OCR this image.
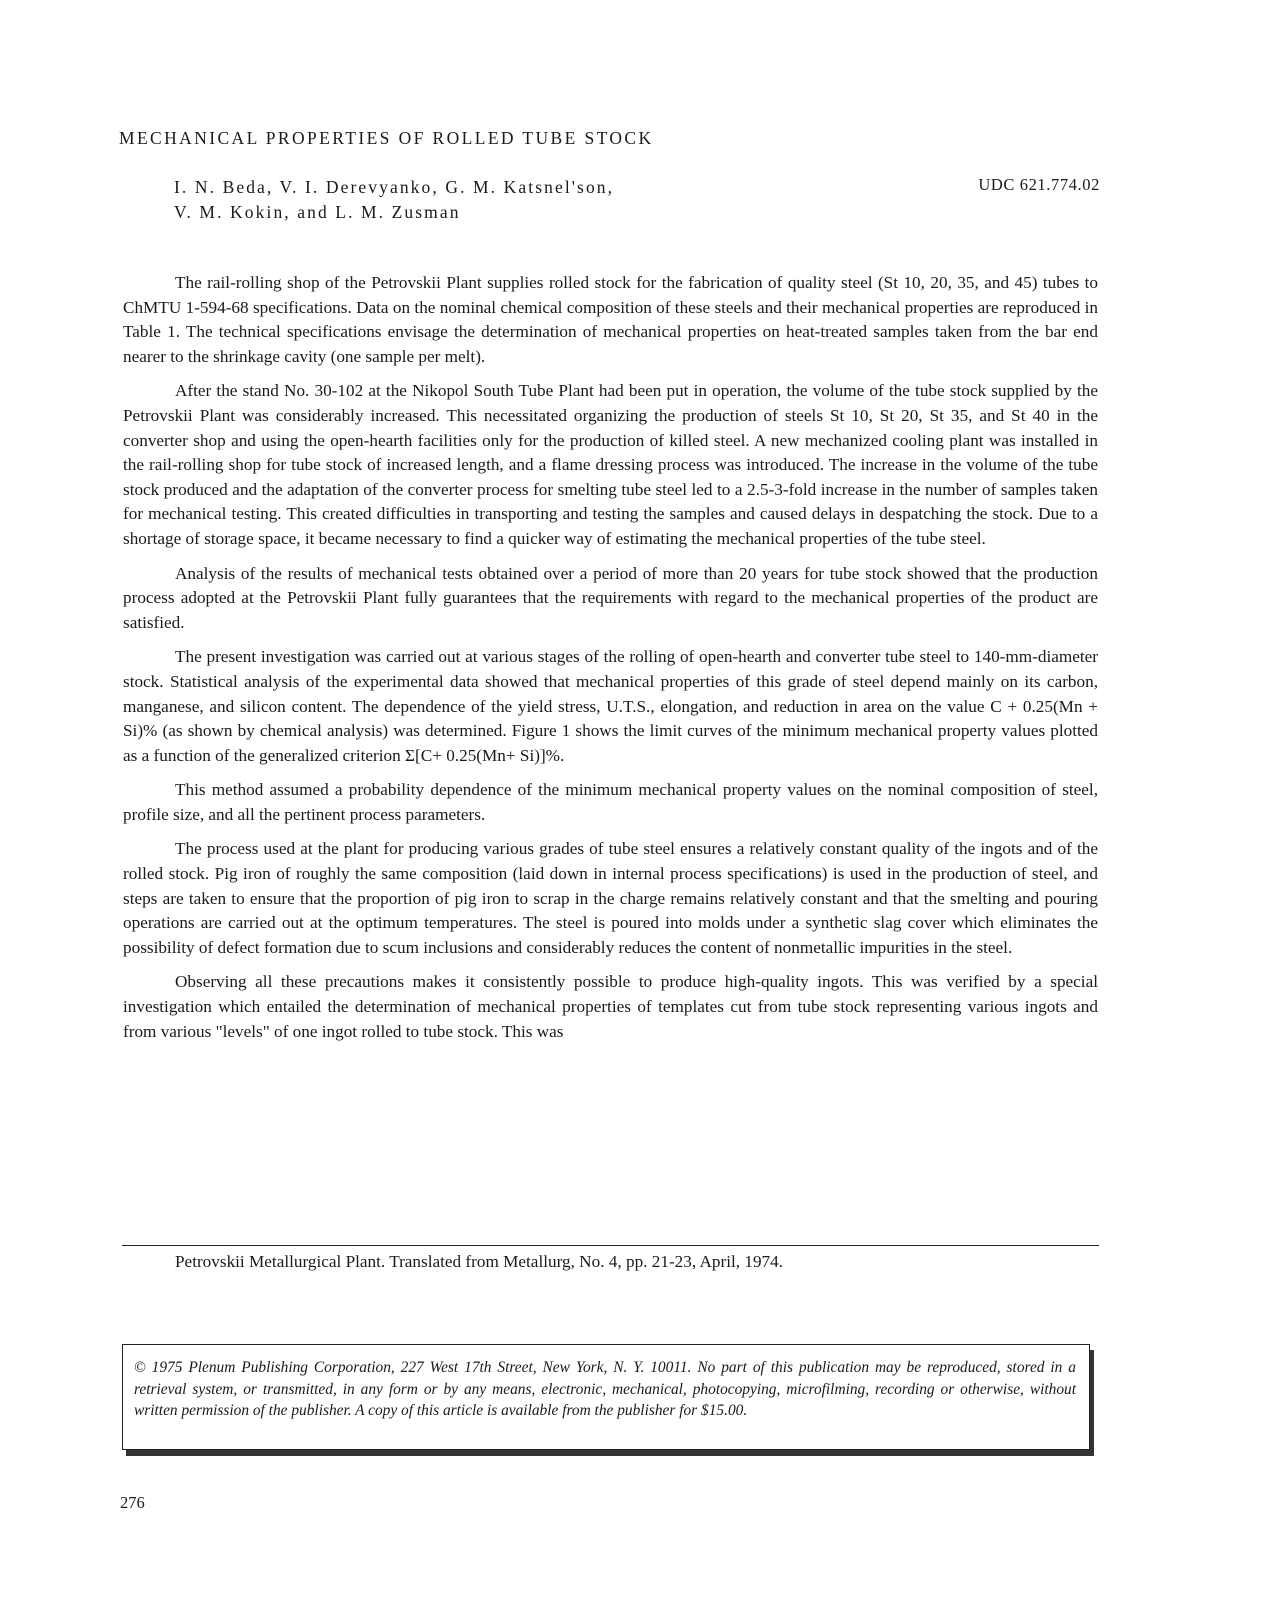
MECHANICAL PROPERTIES OF ROLLED TUBE STOCK
I. N. Beda, V. I. Derevyanko, G. M. Katsnel'son,
V. M. Kokin, and L. M. Zusman
UDC 621.774.02

The rail-rolling shop of the Petrovskii Plant supplies rolled stock for the fabrication of quality steel (St 10, 20, 35, and 45) tubes to ChMTU 1-594-68 specifications. Data on the nominal chemical composition of these steels and their mechanical properties are reproduced in Table 1. The technical specifications envisage the determination of mechanical properties on heat-treated samples taken from the bar end nearer to the shrinkage cavity (one sample per melt).

After the stand No. 30-102 at the Nikopol South Tube Plant had been put in operation, the volume of the tube stock supplied by the Petrovskii Plant was considerably increased. This necessitated organizing the production of steels St 10, St 20, St 35, and St 40 in the converter shop and using the open-hearth facilities only for the production of killed steel. A new mechanized cooling plant was installed in the rail-rolling shop for tube stock of increased length, and a flame dressing process was introduced. The increase in the volume of the tube stock produced and the adaptation of the converter process for smelting tube steel led to a 2.5-3-fold increase in the number of samples taken for mechanical testing. This created difficulties in transporting and testing the samples and caused delays in despatching the stock. Due to a shortage of storage space, it became necessary to find a quicker way of estimating the mechanical properties of the tube steel.

Analysis of the results of mechanical tests obtained over a period of more than 20 years for tube stock showed that the production process adopted at the Petrovskii Plant fully guarantees that the requirements with regard to the mechanical properties of the product are satisfied.

The present investigation was carried out at various stages of the rolling of open-hearth and converter tube steel to 140-mm-diameter stock. Statistical analysis of the experimental data showed that mechanical properties of this grade of steel depend mainly on its carbon, manganese, and silicon content. The dependence of the yield stress, U.T.S., elongation, and reduction in area on the value C + 0.25(Mn + Si)% (as shown by chemical analysis) was determined. Figure 1 shows the limit curves of the minimum mechanical property values plotted as a function of the generalized criterion Σ[C+ 0.25(Mn+ Si)]%.

This method assumed a probability dependence of the minimum mechanical property values on the nominal composition of steel, profile size, and all the pertinent process parameters.

The process used at the plant for producing various grades of tube steel ensures a relatively constant quality of the ingots and of the rolled stock. Pig iron of roughly the same composition (laid down in internal process specifications) is used in the production of steel, and steps are taken to ensure that the proportion of pig iron to scrap in the charge remains relatively constant and that the smelting and pouring operations are carried out at the optimum temperatures. The steel is poured into molds under a synthetic slag cover which eliminates the possibility of defect formation due to scum inclusions and considerably reduces the content of nonmetallic impurities in the steel.

Observing all these precautions makes it consistently possible to produce high-quality ingots. This was verified by a special investigation which entailed the determination of mechanical properties of templates cut from tube stock representing various ingots and from various "levels" of one ingot rolled to tube stock. This was

Petrovskii Metallurgical Plant. Translated from Metallurg, No. 4, pp. 21-23, April, 1974.
© 1975 Plenum Publishing Corporation, 227 West 17th Street, New York, N. Y. 10011. No part of this publication may be reproduced, stored in a retrieval system, or transmitted, in any form or by any means, electronic, mechanical, photocopying, microfilming, recording or otherwise, without written permission of the publisher. A copy of this article is available from the publisher for $15.00.
276
